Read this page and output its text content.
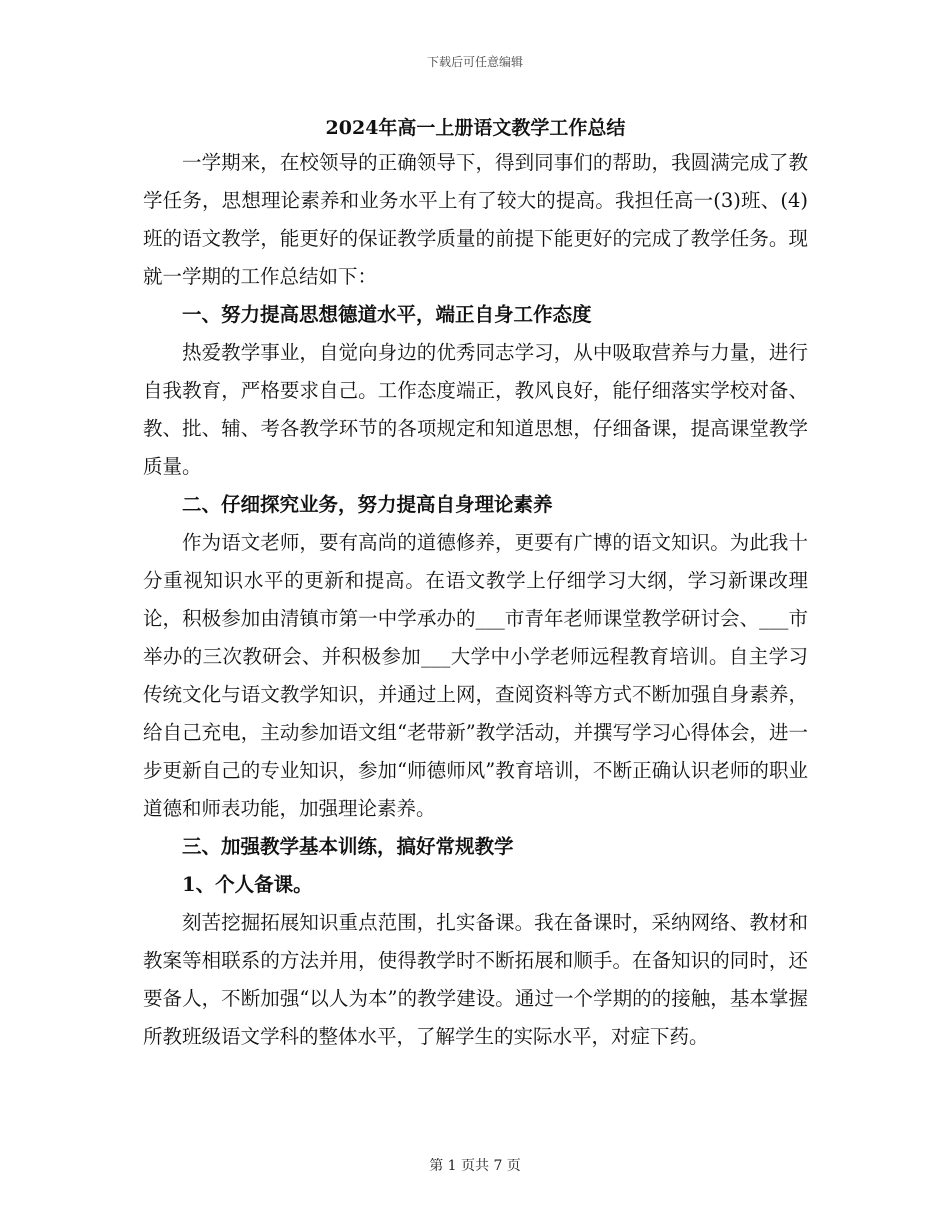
下载后可任意编辑
2024年高一上册语文教学工作总结

一学期来，在校领导的正确领导下，得到同事们的帮助，我圆满完成了教学任务，思想理论素养和业务水平上有了较大的提高。我担任高一(3)班、(4)班的语文教学，能更好的保证教学质量的前提下能更好的完成了教学任务。现就一学期的工作总结如下：

一、努力提高思想德道水平，端正自身工作态度

热爱教学事业，自觉向身边的优秀同志学习，从中吸取营养与力量，进行自我教育，严格要求自己。工作态度端正，教风良好，能仔细落实学校对备、教、批、辅、考各教学环节的各项规定和知道思想，仔细备课，提高课堂教学质量。

二、仔细探究业务，努力提高自身理论素养

作为语文老师，要有高尚的道德修养，更要有广博的语文知识。为此我十分重视知识水平的更新和提高。在语文教学上仔细学习大纲，学习新课改理论，积极参加由清镇市第一中学承办的___市青年老师课堂教学研讨会、___市举办的三次教研会、并积极参加___大学中小学老师远程教育培训。自主学习传统文化与语文教学知识，并通过上网，查阅资料等方式不断加强自身素养，给自己充电，主动参加语文组“老带新”教学活动，并撰写学习心得体会，进一步更新自己的专业知识，参加“师德师风”教育培训，不断正确认识老师的职业道德和师表功能，加强理论素养。

三、加强教学基本训练，搞好常规教学

1、个人备课。

刻苦挖掘拓展知识重点范围，扎实备课。我在备课时，采纳网络、教材和教案等相联系的方法并用，使得教学时不断拓展和顺手。在备知识的同时，还要备人，不断加强“以人为本”的教学建设。通过一个学期的的接触，基本掌握所教班级语文学科的整体水平，了解学生的实际水平，对症下药。

第 1 页共 7 页
